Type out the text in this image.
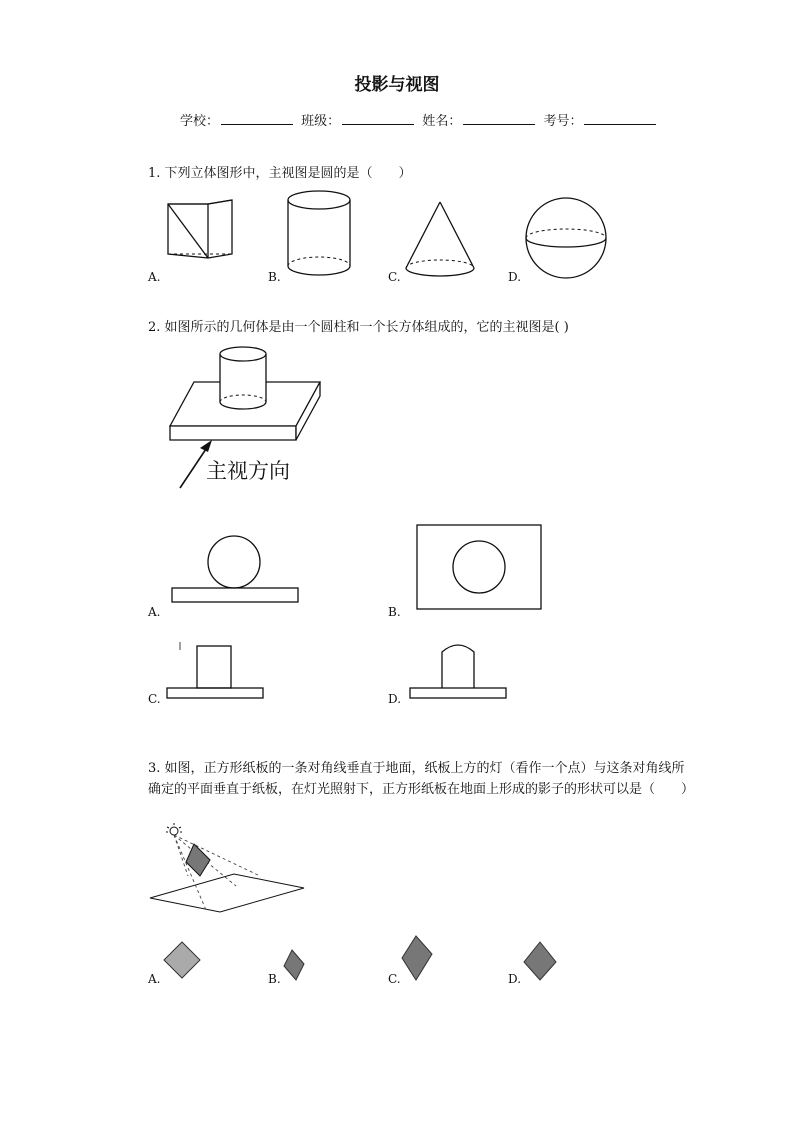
投影与视图
学校：	班级：	姓名：	考号：
1. 下列立体图形中，主视图是圆的是（　　）
A.	B.	C.	D.
2. 如图所示的几何体是由一个圆柱和一个长方体组成的，它的主视图是( )
主视方向
A.	B.
C.	D.
3. 如图，正方形纸板的一条对角线垂直于地面，纸板上方的灯（看作一个点）与这条对角线所确定的平面垂直于纸板，在灯光照射下，正方形纸板在地面上形成的影子的形状可以是（　　）
A.	B.	C.	D.
